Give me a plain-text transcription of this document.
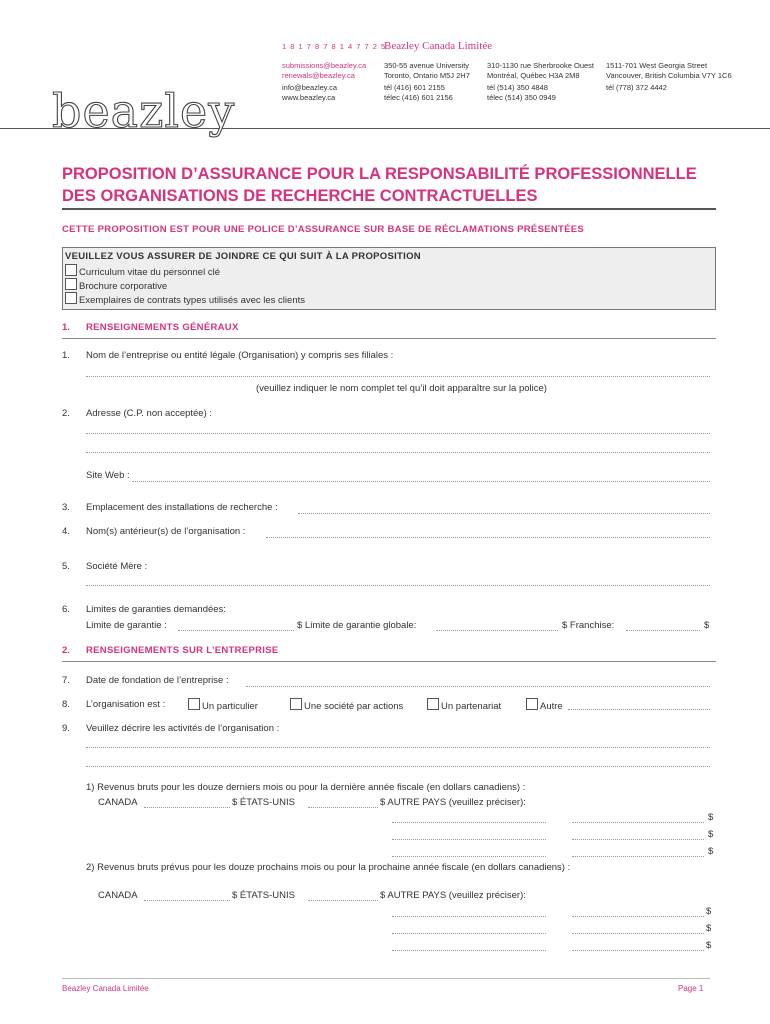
1 8 1 7 8 7 8 1 4 7 7 2 5
Beazley Canada Limitée
submissions@beazley.ca
renewals@beazley.ca
info@beazley.ca
www.beazley.ca
350-55 avenue University
Toronto, Ontario M5J 2H7
tél (416) 601 2155
télec (416) 601 2156
310-1130 rue Sherbrooke Ouest
Montréal, Québec H3A 2M8
tél (514) 350 4848
télec (514) 350 0949
1511-701 West Georgia Street
Vancouver, British Columbia V7Y 1C6
tél (778) 372 4442
beazley
PROPOSITION D’ASSURANCE POUR LA RESPONSABILITÉ PROFESSIONNELLE
DES ORGANISATIONS DE RECHERCHE CONTRACTUELLES
CETTE PROPOSITION EST POUR UNE POLICE D’ASSURANCE SUR BASE DE RÉCLAMATIONS PRÉSENTÉES
VEUILLEZ VOUS ASSURER DE JOINDRE CE QUI SUIT À LA PROPOSITION
Curriculum vitae du personnel clé
Brochure corporative
Exemplaires de contrats types utilisés avec les clients
1. RENSEIGNEMENTS GÉNÉRAUX
1. Nom de l’entreprise ou entité légale (Organisation) y compris ses filiales :
(veuillez indiquer le nom complet tel qu’il doit apparaître sur la police)
2. Adresse (C.P. non acceptée) :
Site Web :
3. Emplacement des installations de recherche :
4. Nom(s) antérieur(s) de l’organisation :
5. Société Mère :
6. Limites de garanties demandées:
Limite de garantie :	$ Limite de garantie globale:	$ Franchise:	$
2. RENSEIGNEMENTS SUR L’ENTREPRISE
7. Date de fondation de l’entreprise :
8. L’organisation est :	Un particulier	Une société par actions	Un partenariat	Autre
9. Veuillez décrire les activités de l’organisation :
1) Revenus bruts pour les douze derniers mois ou pour la dernière année fiscale (en dollars canadiens) :
CANADA	$ ÉTATS-UNIS	$ AUTRE PAYS (veuillez préciser):
$
$
$
2) Revenus bruts prévus pour les douze prochains mois ou pour la prochaine année fiscale (en dollars canadiens) :
CANADA	$ ÉTATS-UNIS	$ AUTRE PAYS (veuillez préciser):
$
$
$
Beazley Canada Limitée	Page 1
